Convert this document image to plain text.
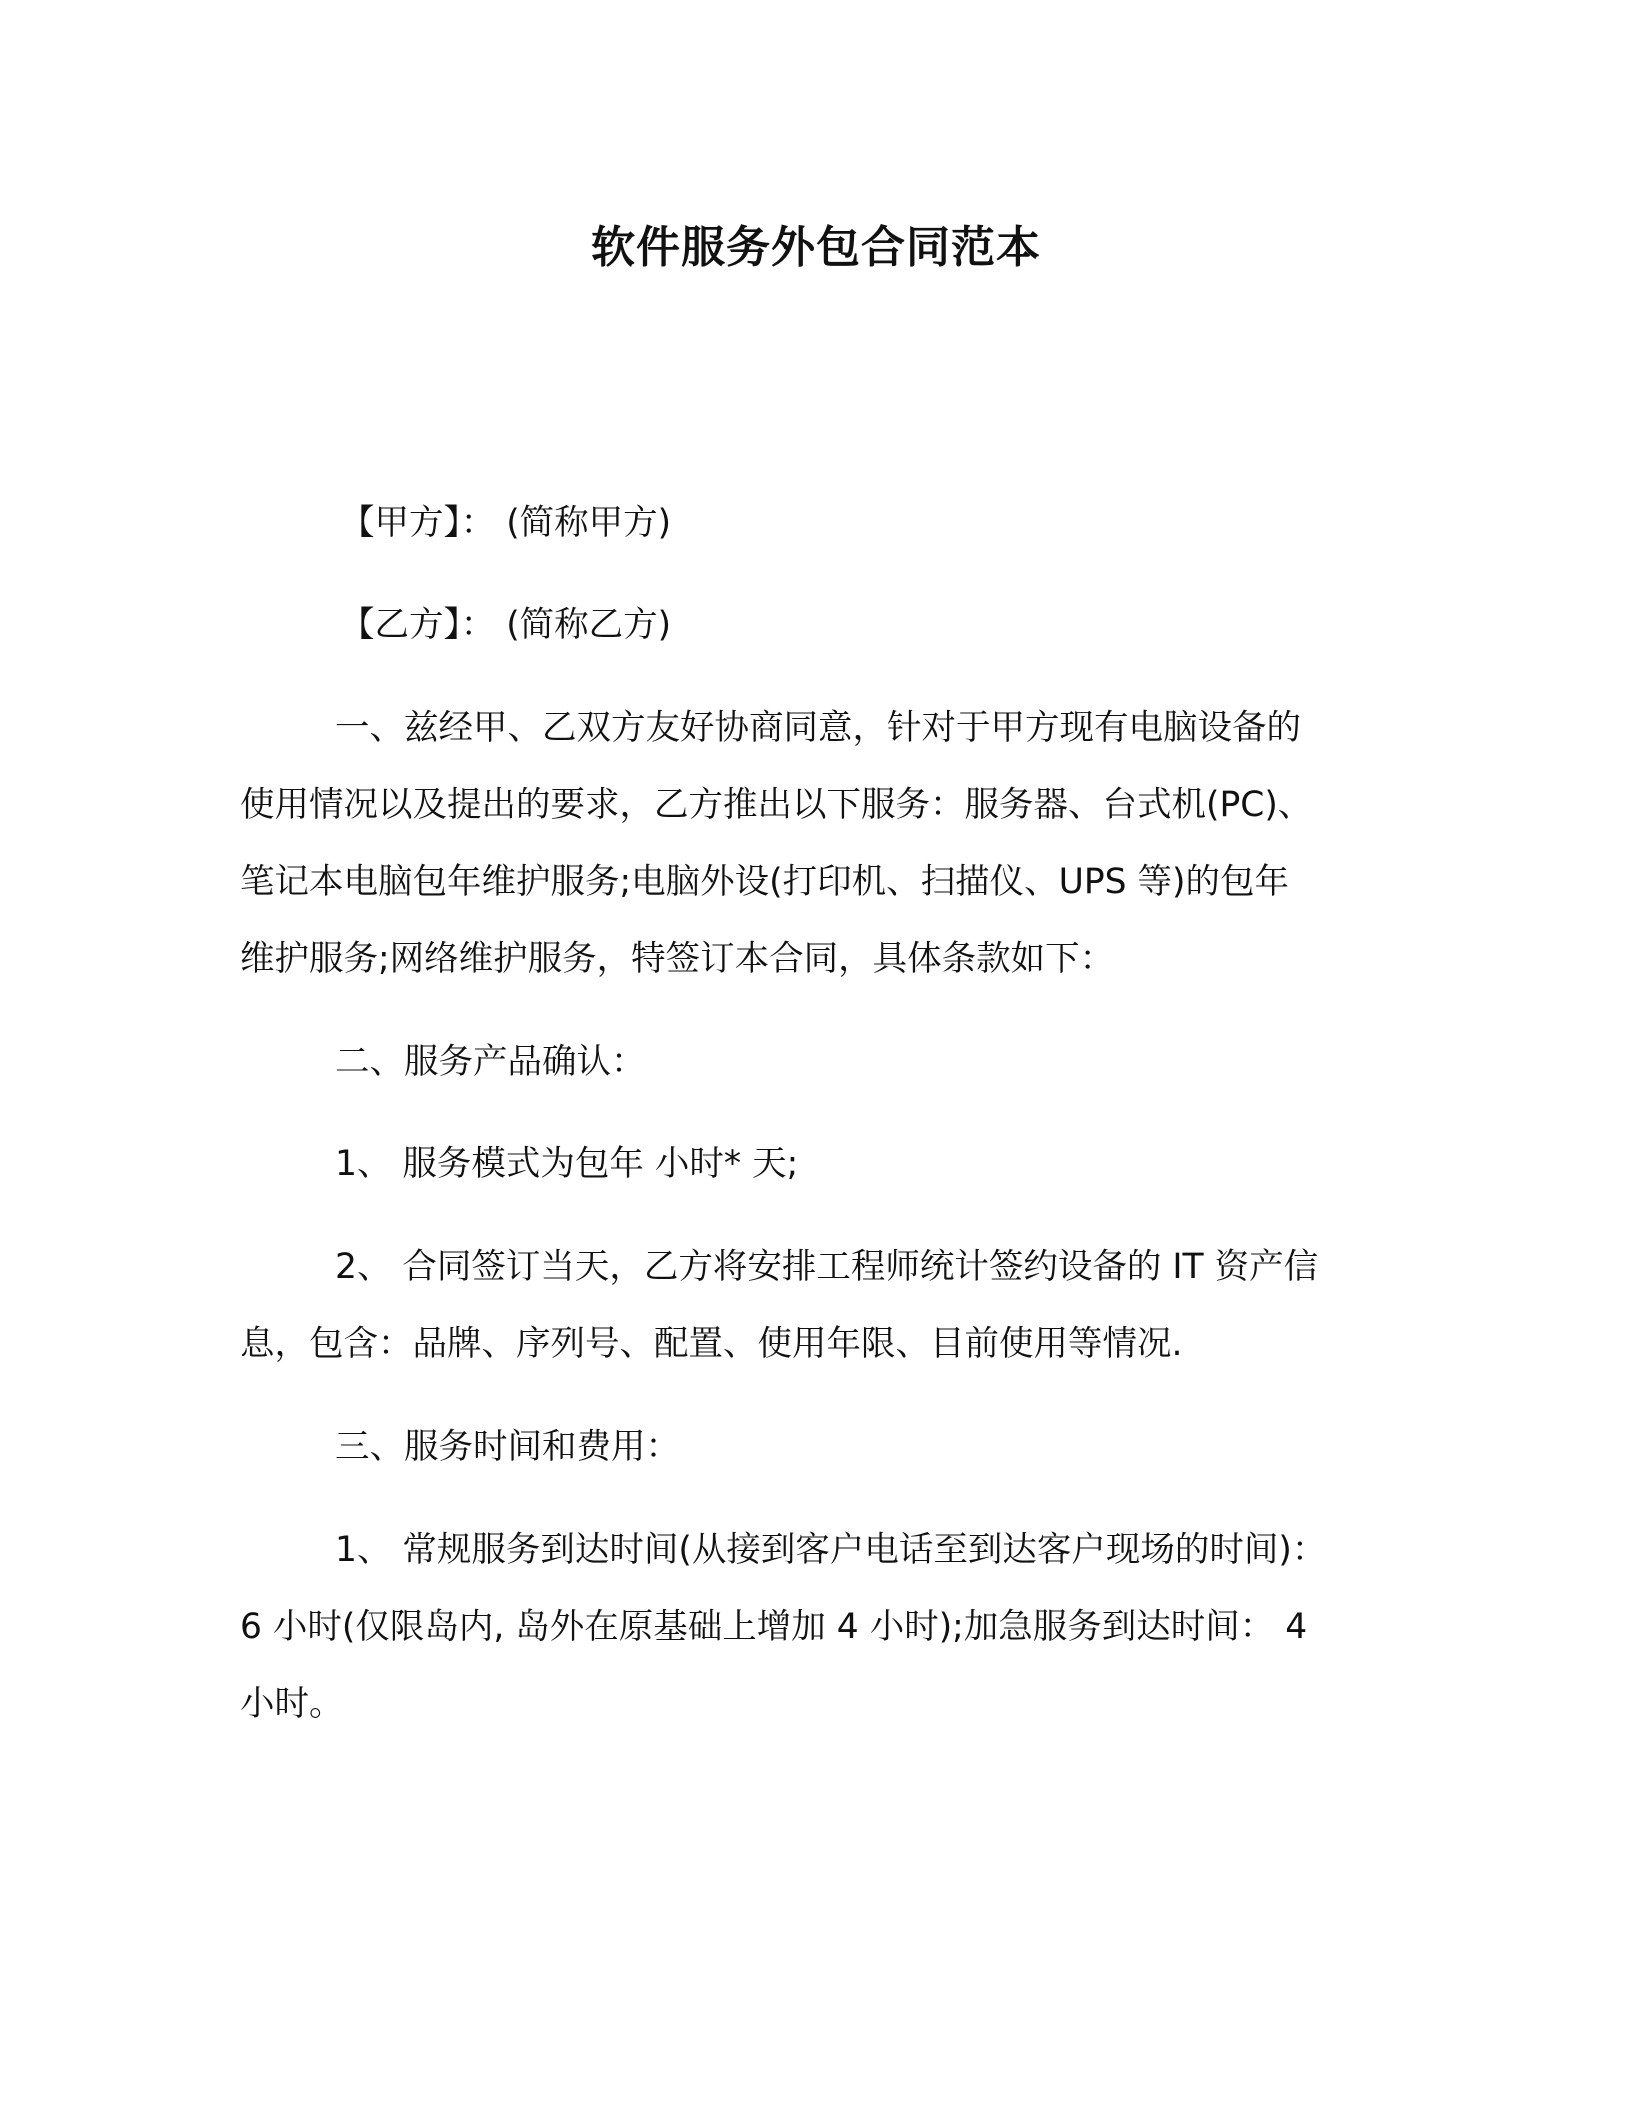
软件服务外包合同范本
【甲方】： (简称甲方)
【乙方】： (简称乙方)
一、兹经甲、乙双方友好协商同意，针对于甲方现有电脑设备的
使用情况以及提出的要求，乙方推出以下服务：服务器、台式机(PC)、
笔记本电脑包年维护服务;电脑外设(打印机、扫描仪、UPS 等)的包年
维护服务;网络维护服务，特签订本合同，具体条款如下：
二、服务产品确认：
1、 服务模式为包年 小时* 天;
2、 合同签订当天，乙方将安排工程师统计签约设备的 IT 资产信
息，包含：品牌、序列号、配置、使用年限、目前使用等情况.
三、服务时间和费用：
1、 常规服务到达时间(从接到客户电话至到达客户现场的时间)：
6 小时(仅限岛内, 岛外在原基础上增加 4 小时);加急服务到达时间： 4
小时。
